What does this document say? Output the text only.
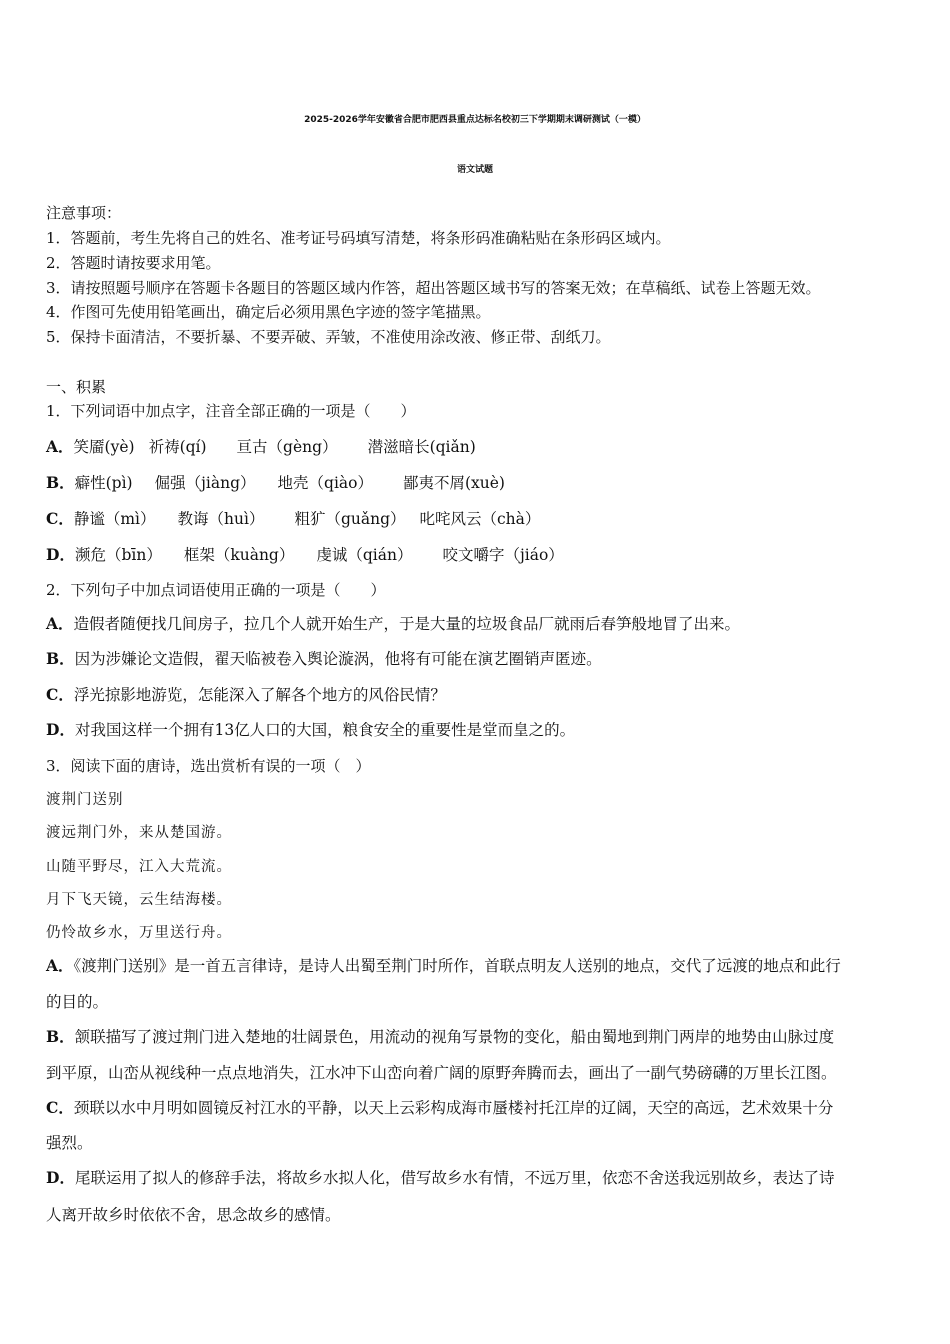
2025-2026学年安徽省合肥市肥西县重点达标名校初三下学期期末调研测试（一模）
语文试题
注意事项：
1．答题前，考生先将自己的姓名、准考证号码填写清楚，将条形码准确粘贴在条形码区域内。
2．答题时请按要求用笔。
3．请按照题号顺序在答题卡各题目的答题区域内作答，超出答题区域书写的答案无效；在草稿纸、试卷上答题无效。
4．作图可先使用铅笔画出，确定后必须用黑色字迹的签字笔描黑。
5．保持卡面清洁，不要折暴、不要弄破、弄皱，不准使用涂改液、修正带、刮纸刀。
一、积累
1．下列词语中加点字，注音全部正确的一项是（　　）
A．笑靥(yè) 祈祷(qí) 亘古（gèng） 潜滋暗长(qiǎn)
B．癖性(pì) 倔强（jiàng） 地壳（qiào） 鄙夷不屑(xuè)
C．静谧（mì） 教诲（huì） 粗犷（guǎng） 叱咤风云（chà）
D．濒危（bīn） 框架（kuàng） 虔诚（qián） 咬文嚼字（jiáo）
2．下列句子中加点词语使用正确的一项是（　　）
A．造假者随便找几间房子，拉几个人就开始生产，于是大量的垃圾食品厂就雨后春笋般地冒了出来。
B．因为涉嫌论文造假，翟天临被卷入舆论漩涡，他将有可能在演艺圈销声匿迹。
C．浮光掠影地游览，怎能深入了解各个地方的风俗民情？
D．对我国这样一个拥有13亿人口的大国，粮食安全的重要性是堂而皇之的。
3．阅读下面的唐诗，选出赏析有误的一项（　）
渡荆门送别
渡远荆门外，来从楚国游。
山随平野尽，江入大荒流。
月下飞天镜，云生结海楼。
仍怜故乡水，万里送行舟。
A．《渡荆门送别》是一首五言律诗，是诗人出蜀至荆门时所作，首联点明友人送别的地点，交代了远渡的地点和此行
的目的。
B．颔联描写了渡过荆门进入楚地的壮阔景色，用流动的视角写景物的变化，船由蜀地到荆门两岸的地势由山脉过度
到平原，山峦从视线种一点点地消失，江水冲下山峦向着广阔的原野奔腾而去，画出了一副气势磅礴的万里长江图。
C．颈联以水中月明如圆镜反衬江水的平静，以天上云彩构成海市蜃楼衬托江岸的辽阔，天空的高远，艺术效果十分
强烈。
D．尾联运用了拟人的修辞手法，将故乡水拟人化，借写故乡水有情，不远万里，依恋不舍送我远别故乡，表达了诗
人离开故乡时依依不舍，思念故乡的感情。
